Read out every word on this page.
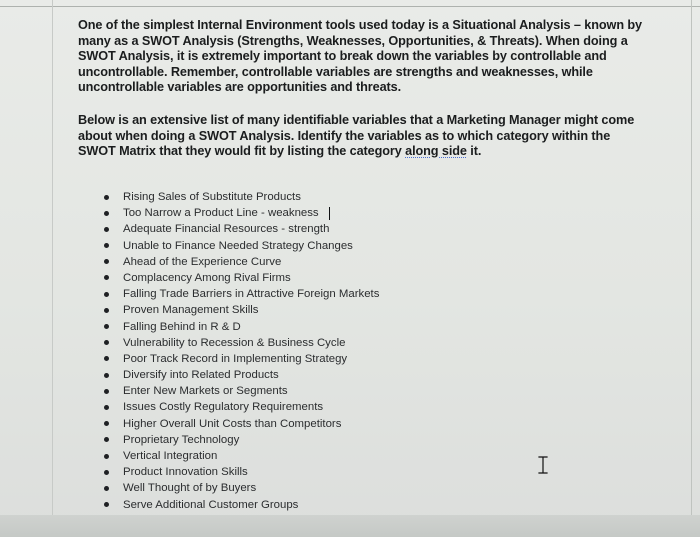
One of the simplest Internal Environment tools used today is a Situational Analysis – known by many as a SWOT Analysis (Strengths, Weaknesses, Opportunities, & Threats). When doing a SWOT Analysis, it is extremely important to break down the variables by controllable and uncontrollable. Remember, controllable variables are strengths and weaknesses, while uncontrollable variables are opportunities and threats.

Below is an extensive list of many identifiable variables that a Marketing Manager might come about when doing a SWOT Analysis. Identify the variables as to which category within the SWOT Matrix that they would fit by listing the category along side it.

Rising Sales of Substitute Products
Too Narrow a Product Line - weakness
Adequate Financial Resources - strength
Unable to Finance Needed Strategy Changes
Ahead of the Experience Curve
Complacency Among Rival Firms
Falling Trade Barriers in Attractive Foreign Markets
Proven Management Skills
Falling Behind in R & D
Vulnerability to Recession & Business Cycle
Poor Track Record in Implementing Strategy
Diversify into Related Products
Enter New Markets or Segments
Issues Costly Regulatory Requirements
Higher Overall Unit Costs than Competitors
Proprietary Technology
Vertical Integration
Product Innovation Skills
Well Thought of by Buyers
Serve Additional Customer Groups
